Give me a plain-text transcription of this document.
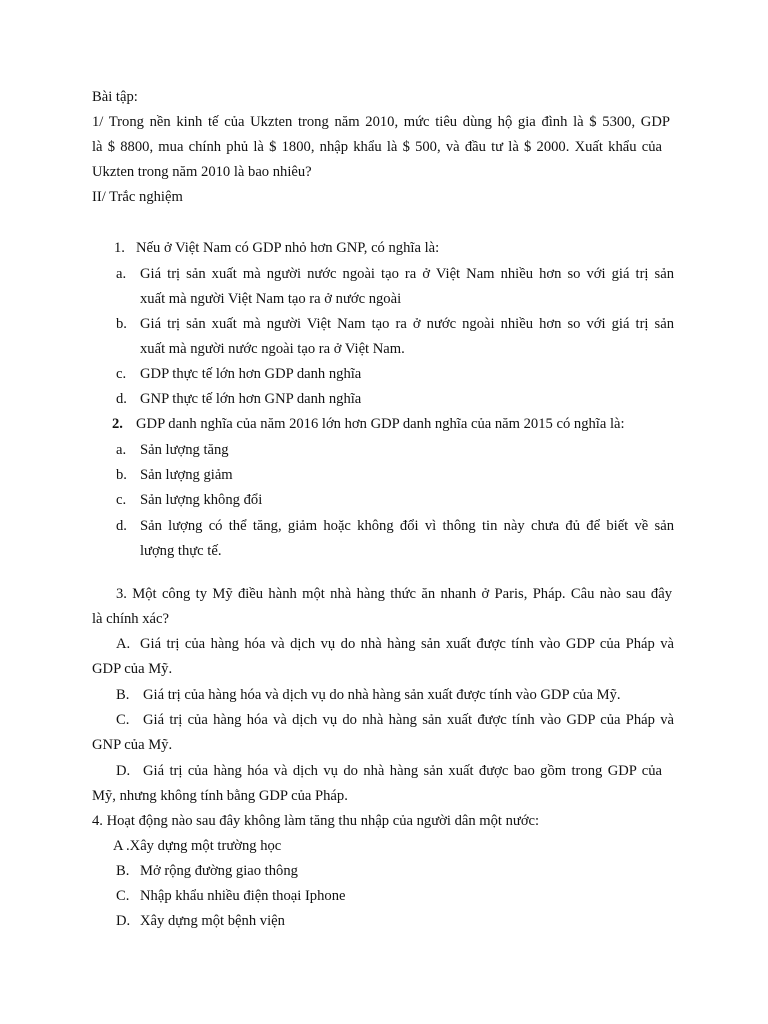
Bài tập:
1/ Trong nền kinh tế của Ukzten trong năm 2010, mức tiêu dùng hộ gia đình là $ 5300, GDP
là $ 8800, mua chính phủ là $ 1800, nhập khẩu là $ 500, và đầu tư là $ 2000. Xuất khẩu của
Ukzten trong năm 2010 là bao nhiêu?
II/ Trắc nghiệm
1. Nếu ở Việt Nam có GDP nhỏ hơn GNP, có nghĩa là:
a. Giá trị sản xuất mà người nước ngoài tạo ra ở Việt Nam nhiều hơn so với giá trị sản
xuất mà người Việt Nam tạo ra ở nước ngoài
b. Giá trị sản xuất mà người Việt Nam tạo ra ở nước ngoài nhiều hơn so với giá trị sản
xuất mà người nước ngoài tạo ra ở Việt Nam.
c. GDP thực tế lớn hơn GDP danh nghĩa
d. GNP thực tế lớn hơn GNP danh nghĩa
2. GDP danh nghĩa của năm 2016 lớn hơn GDP danh nghĩa của năm 2015 có nghĩa là:
a. Sản lượng tăng
b. Sản lượng giảm
c. Sản lượng không đổi
d. Sản lượng có thể tăng, giảm hoặc không đổi vì thông tin này chưa đủ để biết về sản
lượng thực tế.
3. Một công ty Mỹ điều hành một nhà hàng thức ăn nhanh ở Paris, Pháp. Câu nào sau đây
là chính xác?
A. Giá trị của hàng hóa và dịch vụ do nhà hàng sản xuất được tính vào GDP của Pháp và
GDP của Mỹ.
B. Giá trị của hàng hóa và dịch vụ do nhà hàng sản xuất được tính vào GDP của Mỹ.
C. Giá trị của hàng hóa và dịch vụ do nhà hàng sản xuất được tính vào GDP của Pháp và
GNP của Mỹ.
D. Giá trị của hàng hóa và dịch vụ do nhà hàng sản xuất được bao gồm trong GDP của
Mỹ, nhưng không tính bằng GDP của Pháp.
4. Hoạt động nào sau đây không làm tăng thu nhập của người dân một nước:
A .Xây dựng một trường học
B. Mở rộng đường giao thông
C. Nhập khẩu nhiều điện thoại Iphone
D. Xây dựng một bệnh viện
